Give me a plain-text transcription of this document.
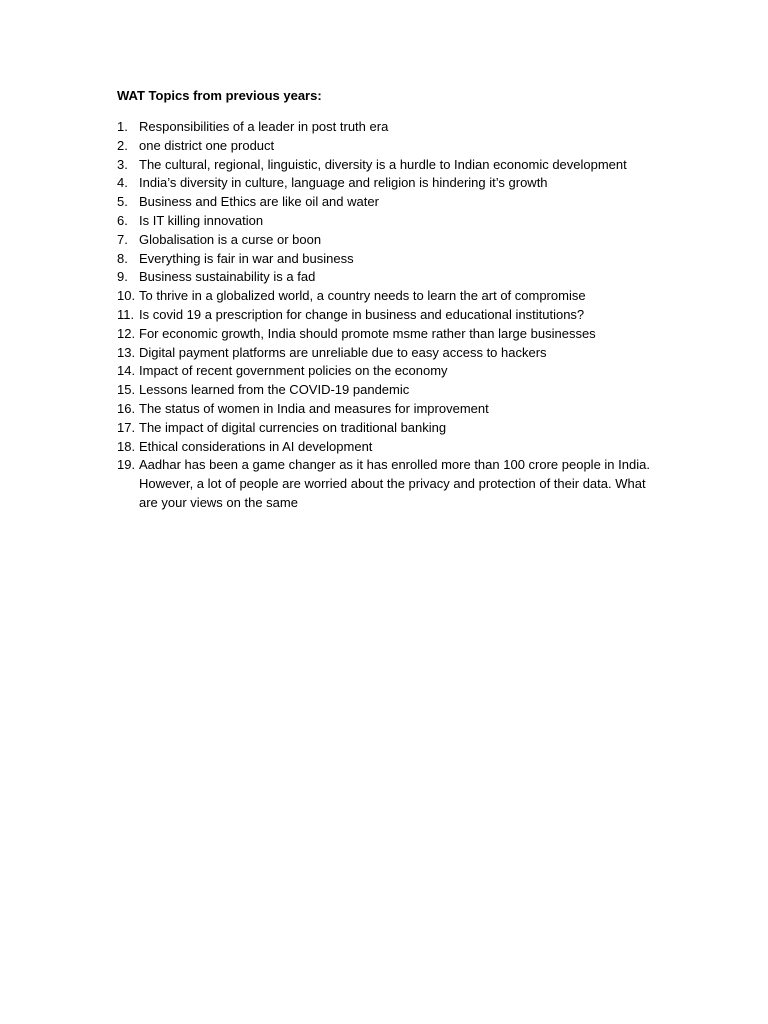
WAT Topics from previous years:
1. Responsibilities of a leader in post truth era
2. one district one product
3. The cultural, regional, linguistic, diversity is a hurdle to Indian economic development
4. India’s diversity in culture, language and religion is hindering it’s growth
5. Business and Ethics are like oil and water
6. Is IT killing innovation
7. Globalisation is a curse or boon
8. Everything is fair in war and business
9. Business sustainability is a fad
10. To thrive in a globalized world, a country needs to learn the art of compromise
11. Is covid 19 a prescription for change in business and educational institutions?
12. For economic growth, India should promote msme rather than large businesses
13. Digital payment platforms are unreliable due to easy access to hackers
14. Impact of recent government policies on the economy
15. Lessons learned from the COVID-19 pandemic
16. The status of women in India and measures for improvement
17. The impact of digital currencies on traditional banking
18. Ethical considerations in AI development
19. Aadhar has been a game changer as it has enrolled more than 100 crore people in India. However, a lot of people are worried about the privacy and protection of their data. What are your views on the same
